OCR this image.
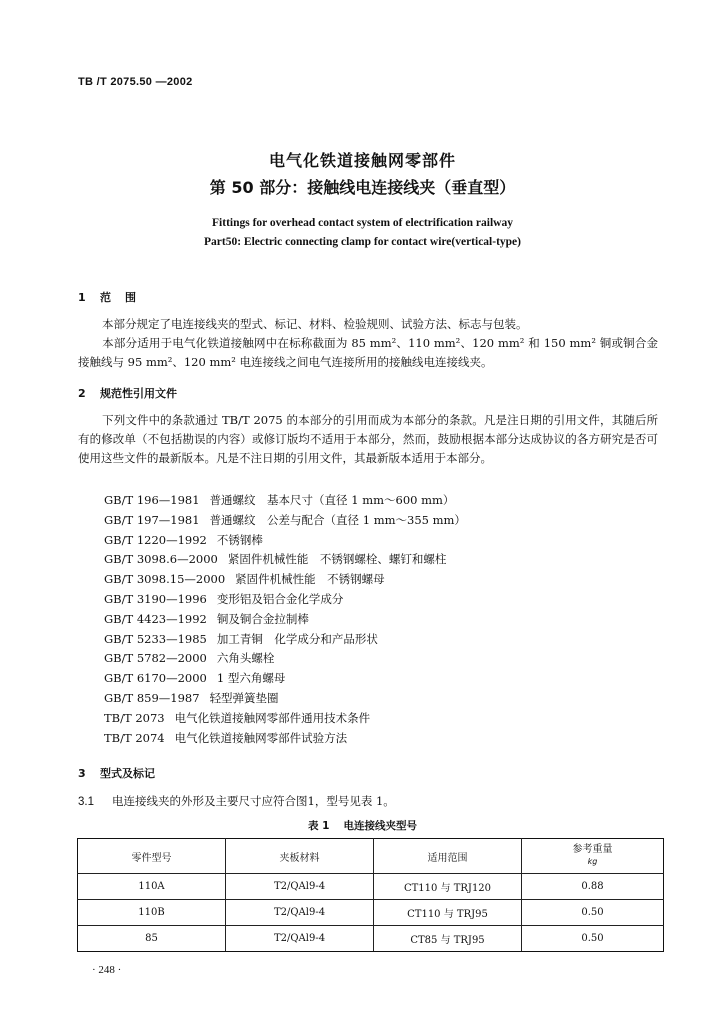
TB /T 2075.50 —2002
电气化铁道接触网零部件
第 50 部分：接触线电连接线夹（垂直型）
Fittings for overhead contact system of electrification railway
Part50: Electric connecting clamp for contact wire(vertical-type)
1 范围
本部分规定了电连接线夹的型式、标记、材料、检验规则、试验方法、标志与包装。
本部分适用于电气化铁道接触网中在标称截面为 85 mm²、110 mm²、120 mm² 和 150 mm² 铜或铜合金接触线与 95 mm²、120 mm² 电连接线之间电气连接所用的接触线电连接线夹。
2 规范性引用文件
下列文件中的条款通过 TB/T 2075 的本部分的引用而成为本部分的条款。凡是注日期的引用文件，其随后所有的修改单（不包括勘误的内容）或修订版均不适用于本部分，然而，鼓励根据本部分达成协议的各方研究是否可使用这些文件的最新版本。凡是不注日期的引用文件，其最新版本适用于本部分。
GB/T 196—1981 普通螺纹　基本尺寸（直径 1 mm～600 mm）
GB/T 197—1981 普通螺纹　公差与配合（直径 1 mm～355 mm）
GB/T 1220—1992 不锈钢棒
GB/T 3098.6—2000 紧固件机械性能　不锈钢螺栓、螺钉和螺柱
GB/T 3098.15—2000 紧固件机械性能　不锈钢螺母
GB/T 3190—1996 变形铝及铝合金化学成分
GB/T 4423—1992 铜及铜合金拉制棒
GB/T 5233—1985 加工青铜　化学成分和产品形状
GB/T 5782—2000 六角头螺栓
GB/T 6170—2000 1 型六角螺母
GB/T 859—1987 轻型弹簧垫圈
TB/T 2073 电气化铁道接触网零部件通用技术条件
TB/T 2074 电气化铁道接触网零部件试验方法
3 型式及标记
3.1 电连接线夹的外形及主要尺寸应符合图1，型号见表 1。
表 1 电连接线夹型号
零件型号	夹板材料	适用范围	参考重量
kg

110A	T2/QAl9-4	CT110 与 TRJ120	0.88
110B	T2/QAl9-4	CT110 与 TRJ95	0.50
85	T2/QAl9-4	CT85 与 TRJ95	0.50
· 248 ·
